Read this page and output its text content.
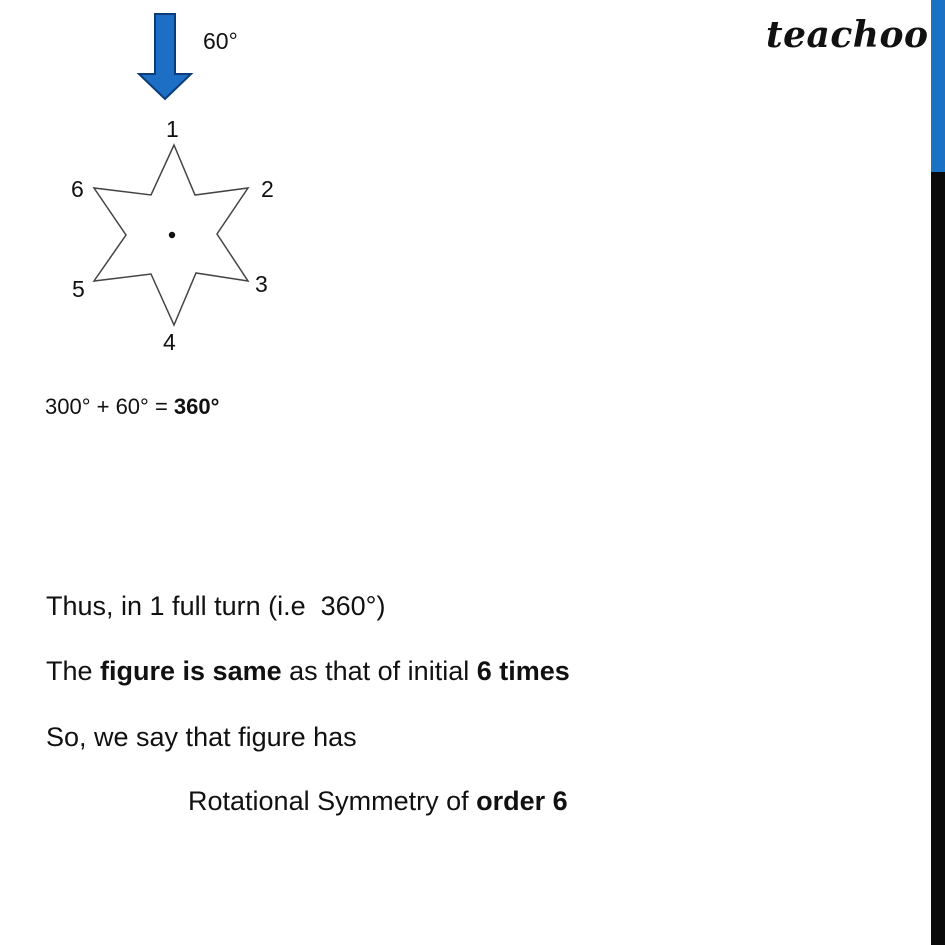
teachoo
60°
1
2
3
4
5
6
300° + 60° = 360°
Thus, in 1 full turn (i.e  360°)
The figure is same as that of initial 6 times
So, we say that figure has
Rotational Symmetry of order 6
